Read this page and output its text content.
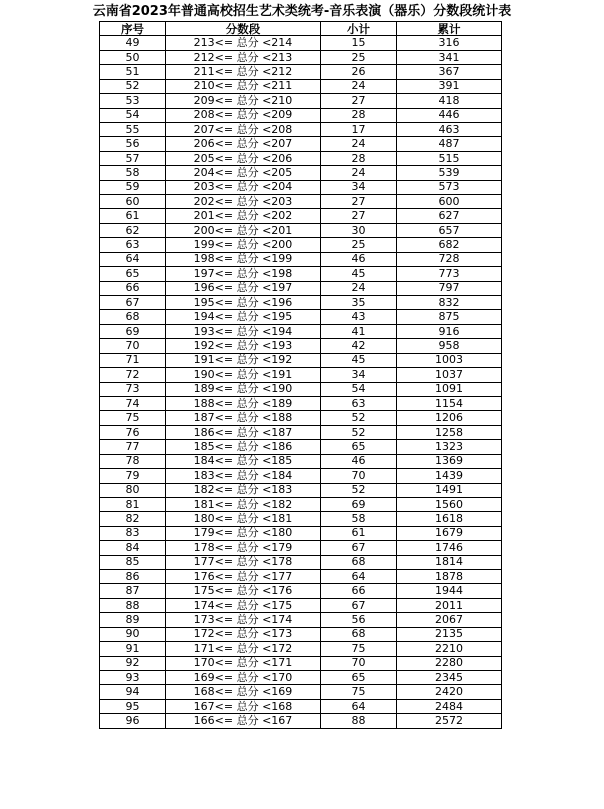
云南省2023年普通高校招生艺术类统考-音乐表演（器乐）分数段统计表
序号	分数段	小计	累计
49	213<= 总分 <214	15	316
50	212<= 总分 <213	25	341
51	211<= 总分 <212	26	367
52	210<= 总分 <211	24	391
53	209<= 总分 <210	27	418
54	208<= 总分 <209	28	446
55	207<= 总分 <208	17	463
56	206<= 总分 <207	24	487
57	205<= 总分 <206	28	515
58	204<= 总分 <205	24	539
59	203<= 总分 <204	34	573
60	202<= 总分 <203	27	600
61	201<= 总分 <202	27	627
62	200<= 总分 <201	30	657
63	199<= 总分 <200	25	682
64	198<= 总分 <199	46	728
65	197<= 总分 <198	45	773
66	196<= 总分 <197	24	797
67	195<= 总分 <196	35	832
68	194<= 总分 <195	43	875
69	193<= 总分 <194	41	916
70	192<= 总分 <193	42	958
71	191<= 总分 <192	45	1003
72	190<= 总分 <191	34	1037
73	189<= 总分 <190	54	1091
74	188<= 总分 <189	63	1154
75	187<= 总分 <188	52	1206
76	186<= 总分 <187	52	1258
77	185<= 总分 <186	65	1323
78	184<= 总分 <185	46	1369
79	183<= 总分 <184	70	1439
80	182<= 总分 <183	52	1491
81	181<= 总分 <182	69	1560
82	180<= 总分 <181	58	1618
83	179<= 总分 <180	61	1679
84	178<= 总分 <179	67	1746
85	177<= 总分 <178	68	1814
86	176<= 总分 <177	64	1878
87	175<= 总分 <176	66	1944
88	174<= 总分 <175	67	2011
89	173<= 总分 <174	56	2067
90	172<= 总分 <173	68	2135
91	171<= 总分 <172	75	2210
92	170<= 总分 <171	70	2280
93	169<= 总分 <170	65	2345
94	168<= 总分 <169	75	2420
95	167<= 总分 <168	64	2484
96	166<= 总分 <167	88	2572
